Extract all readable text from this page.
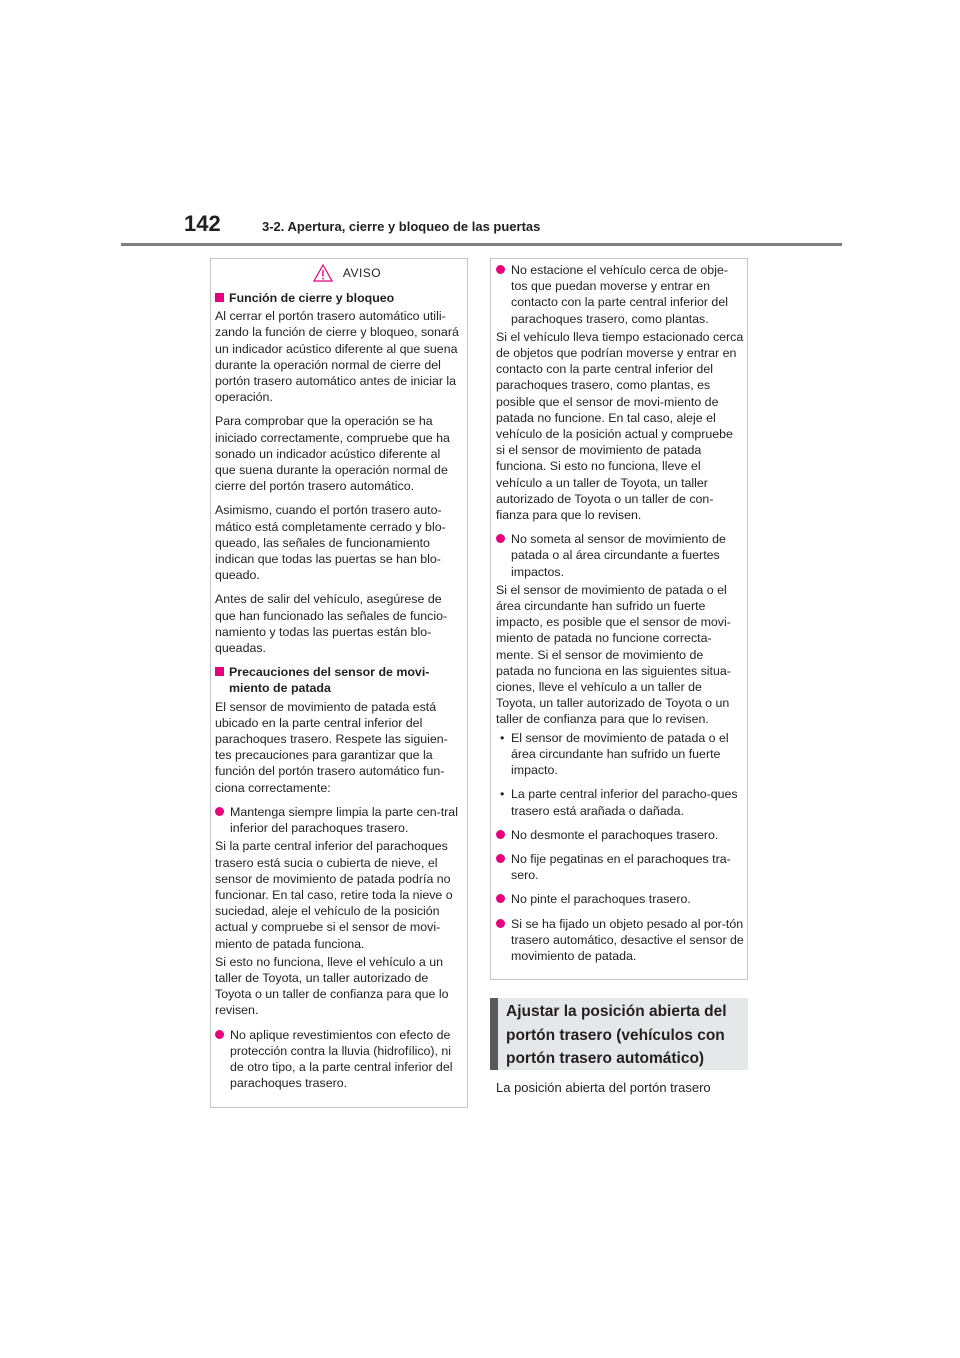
142	3-2. Apertura, cierre y bloqueo de las puertas
AVISO
Función de cierre y bloqueo

Al cerrar el portón trasero automático utili-zando la función de cierre y bloqueo, sonará un indicador acústico diferente al que suena durante la operación normal de cierre del portón trasero automático antes de iniciar la operación.

Para comprobar que la operación se ha iniciado correctamente, compruebe que ha sonado un indicador acústico diferente al que suena durante la operación normal de cierre del portón trasero automático.

Asimismo, cuando el portón trasero auto-mático está completamente cerrado y blo-queado, las señales de funcionamiento indican que todas las puertas se han blo-queado.

Antes de salir del vehículo, asegúrese de que han funcionado las señales de funcio-namiento y todas las puertas están blo-queadas.

Precauciones del sensor de movi-miento de patada

El sensor de movimiento de patada está ubicado en la parte central inferior del parachoques trasero. Respete las siguien-tes precauciones para garantizar que la función del portón trasero automático fun-ciona correctamente:

Mantenga siempre limpia la parte cen-tral inferior del parachoques trasero.

Si la parte central inferior del parachoques trasero está sucia o cubierta de nieve, el sensor de movimiento de patada podría no funcionar. En tal caso, retire toda la nieve o suciedad, aleje el vehículo de la posición actual y compruebe si el sensor de movi-miento de patada funciona.

Si esto no funciona, lleve el vehículo a un taller de Toyota, un taller autorizado de Toyota o un taller de confianza para que lo revisen.

No aplique revestimientos con efecto de protección contra la lluvia (hidrofílico), ni de otro tipo, a la parte central inferior del parachoques trasero.
No estacione el vehículo cerca de obje-tos que puedan moverse y entrar en contacto con la parte central inferior del parachoques trasero, como plantas.

Si el vehículo lleva tiempo estacionado cerca de objetos que podrían moverse y entrar en contacto con la parte central inferior del parachoques trasero, como plantas, es posible que el sensor de movi-miento de patada no funcione. En tal caso, aleje el vehículo de la posición actual y compruebe si el sensor de movimiento de patada funciona. Si esto no funciona, lleve el vehículo a un taller de Toyota, un taller autorizado de Toyota o un taller de con-fianza para que lo revisen.

No someta al sensor de movimiento de patada o al área circundante a fuertes impactos.

Si el sensor de movimiento de patada o el área circundante han sufrido un fuerte impacto, es posible que el sensor de movi-miento de patada no funcione correcta-mente. Si el sensor de movimiento de patada no funciona en las siguientes situa-ciones, lleve el vehículo a un taller de Toyota, un taller autorizado de Toyota o un taller de confianza para que lo revisen.

• El sensor de movimiento de patada o el área circundante han sufrido un fuerte impacto.
• La parte central inferior del paracho-ques trasero está arañada o dañada.
No desmonte el parachoques trasero.
No fije pegatinas en el parachoques tra-sero.
No pinte el parachoques trasero.
Si se ha fijado un objeto pesado al por-tón trasero automático, desactive el sensor de movimiento de patada.
Ajustar la posición abierta del
portón trasero (vehículos con
portón trasero automático)
La posición abierta del portón trasero
